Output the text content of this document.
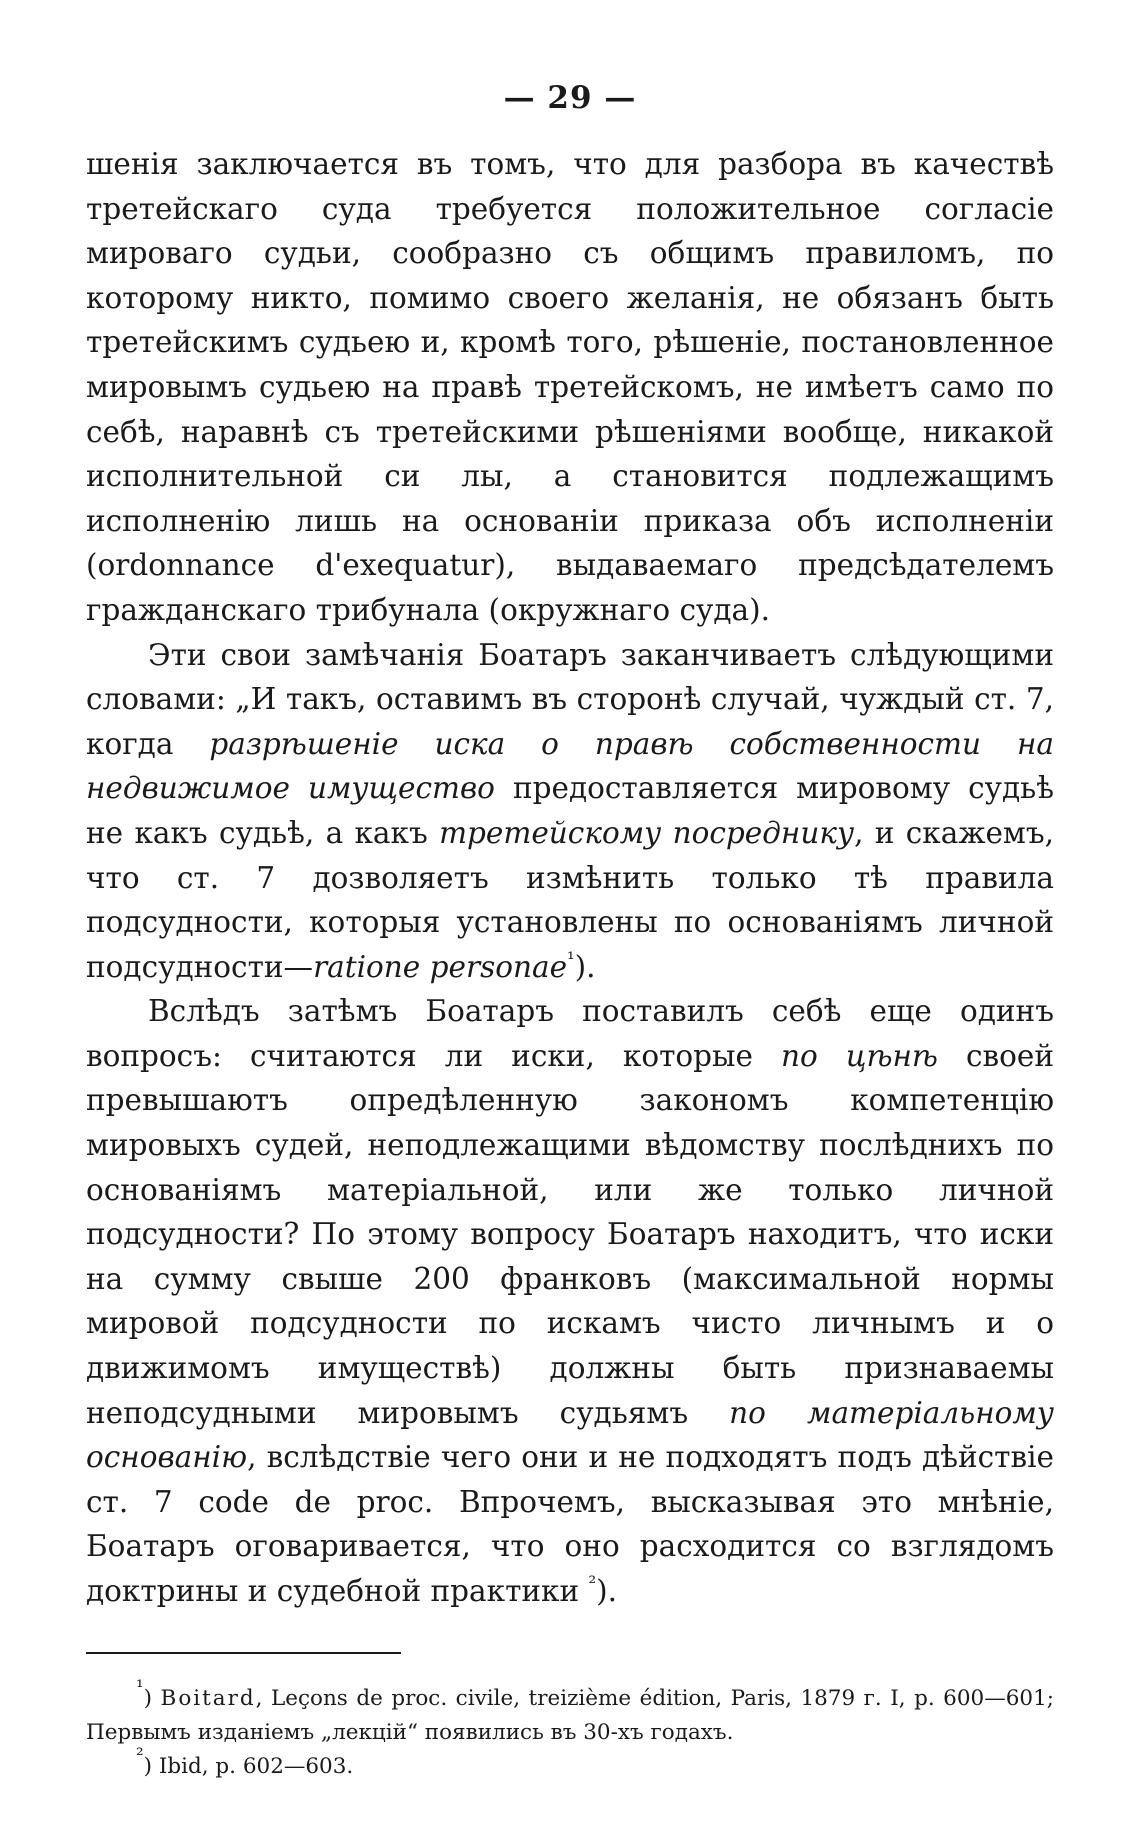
— 29 —

шенія заключается въ томъ, что для разбора въ качествѣ третейскаго суда требуется положительное согласіе мироваго судьи, сообразно съ общимъ правиломъ, по которому никто, помимо своего желанія, не обязанъ быть третейскимъ судьею и, кромѣ того, рѣшеніе, постановленное мировымъ судьею на правѣ третейскомъ, не имѣетъ само по себѣ, наравнѣ съ третейскими рѣшеніями вообще, никакой исполнительной си лы, а становится подлежащимъ исполненію лишь на основаніи приказа объ исполненіи (ordonnance d'exequatur), выдаваемаго предсѣдателемъ гражданскаго трибунала (окружнаго суда).

Эти свои замѣчанія Боатаръ заканчиваетъ слѣдующими словами: „И такъ, оставимъ въ сторонѣ случай, чуждый ст. 7, когда разрѣшеніе иска о правѣ собственности на недвижимое имущество предоставляется мировому судьѣ не какъ судьѣ, а какъ третейскому посреднику, и скажемъ, что ст. 7 дозволяетъ измѣнить только тѣ правила подсудности, которыя установлены по основаніямъ личной подсудности—ratione personae$^{^1}$).

Вслѣдъ затѣмъ Боатаръ поставилъ себѣ еще одинъ вопросъ: считаются ли иски, которые по цѣнѣ своей превышаютъ опредѣленную закономъ компетенцію мировыхъ судей, неподлежащими вѣдомству послѣднихъ по основаніямъ матеріальной, или же только личной подсудности? По этому вопросу Боатаръ находитъ, что иски на сумму свыше 200 франковъ (максимальной нормы мировой подсудности по искамъ чисто личнымъ и о движимомъ имуществѣ) должны быть признаваемы неподсудными мировымъ судьямъ по матеріальному основанію, вслѣдствіе чего они и не подходятъ подъ дѣйствіе ст. 7 code de proc. Впрочемъ, высказывая это мнѣніе, Боатаръ оговаривается, что оно расходится со взглядомъ доктрины и судебной практики $^{^2}$).

¹) Boitard, Leçons de proc. civile, treizième édition, Paris, 1879 г. I, р. 600—601; Первымъ изданіемъ „лекцій“ появились въ 30-хъ годахъ.

²) Ibid, р. 602—603.
